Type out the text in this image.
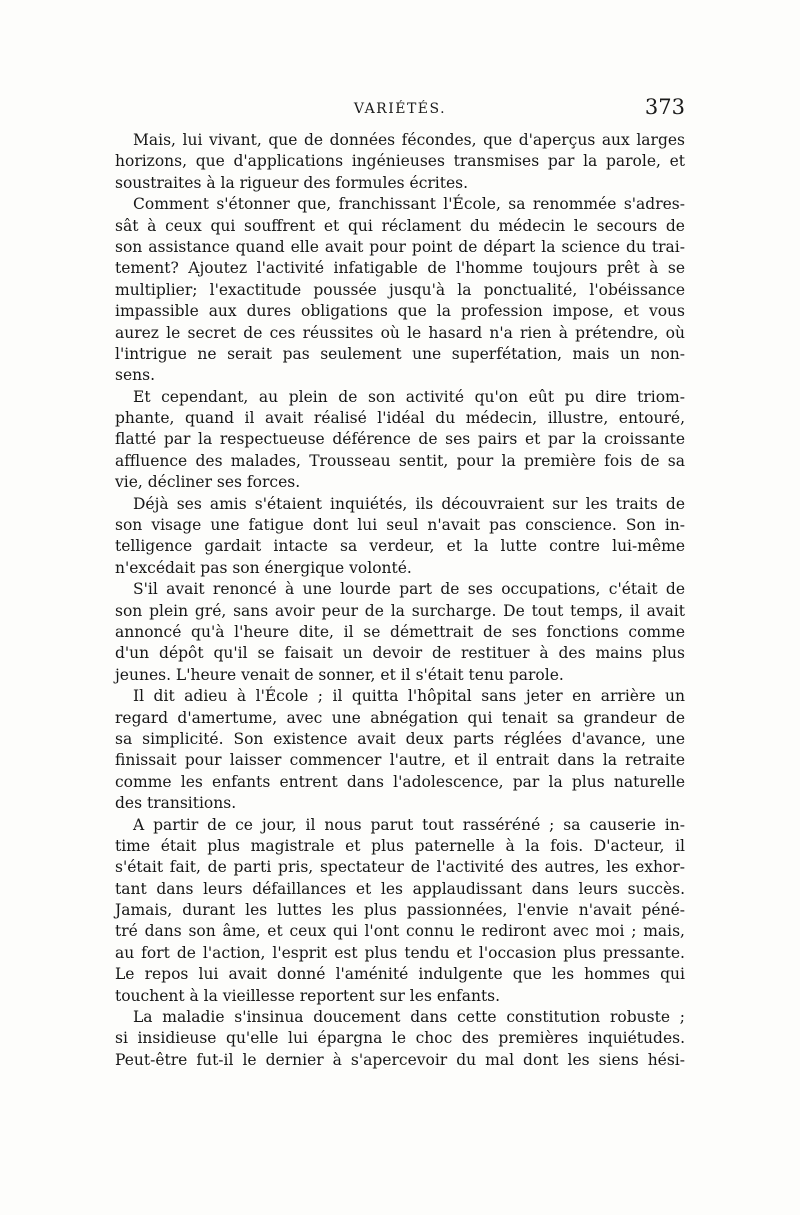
VARIÉTÉS.	373
Mais, lui vivant, que de données fécondes, que d'aperçus aux larges
horizons, que d'applications ingénieuses transmises par la parole, et
soustraites à la rigueur des formules écrites.
Comment s'étonner que, franchissant l'École, sa renommée s'adres-
sât à ceux qui souffrent et qui réclament du médecin le secours de
son assistance quand elle avait pour point de départ la science du trai-
tement? Ajoutez l'activité infatigable de l'homme toujours prêt à se
multiplier; l'exactitude poussée jusqu'à la ponctualité, l'obéissance
impassible aux dures obligations que la profession impose, et vous
aurez le secret de ces réussites où le hasard n'a rien à prétendre, où
l'intrigue ne serait pas seulement une superfétation, mais un non-
sens.
Et cependant, au plein de son activité qu'on eût pu dire triom-
phante, quand il avait réalisé l'idéal du médecin, illustre, entouré,
flatté par la respectueuse déférence de ses pairs et par la croissante
affluence des malades, Trousseau sentit, pour la première fois de sa
vie, décliner ses forces.
Déjà ses amis s'étaient inquiétés, ils découvraient sur les traits de
son visage une fatigue dont lui seul n'avait pas conscience. Son in-
telligence gardait intacte sa verdeur, et la lutte contre lui-même
n'excédait pas son énergique volonté.
S'il avait renoncé à une lourde part de ses occupations, c'était de
son plein gré, sans avoir peur de la surcharge. De tout temps, il avait
annoncé qu'à l'heure dite, il se démettrait de ses fonctions comme
d'un dépôt qu'il se faisait un devoir de restituer à des mains plus
jeunes. L'heure venait de sonner, et il s'était tenu parole.
Il dit adieu à l'École ; il quitta l'hôpital sans jeter en arrière un
regard d'amertume, avec une abnégation qui tenait sa grandeur de
sa simplicité. Son existence avait deux parts réglées d'avance, une
finissait pour laisser commencer l'autre, et il entrait dans la retraite
comme les enfants entrent dans l'adolescence, par la plus naturelle
des transitions.
A partir de ce jour, il nous parut tout rasséréné ; sa causerie in-
time était plus magistrale et plus paternelle à la fois. D'acteur, il
s'était fait, de parti pris, spectateur de l'activité des autres, les exhor-
tant dans leurs défaillances et les applaudissant dans leurs succès.
Jamais, durant les luttes les plus passionnées, l'envie n'avait péné-
tré dans son âme, et ceux qui l'ont connu le rediront avec moi ; mais,
au fort de l'action, l'esprit est plus tendu et l'occasion plus pressante.
Le repos lui avait donné l'aménité indulgente que les hommes qui
touchent à la vieillesse reportent sur les enfants.
La maladie s'insinua doucement dans cette constitution robuste ;
si insidieuse qu'elle lui épargna le choc des premières inquiétudes.
Peut-être fut-il le dernier à s'apercevoir du mal dont les siens hési-
